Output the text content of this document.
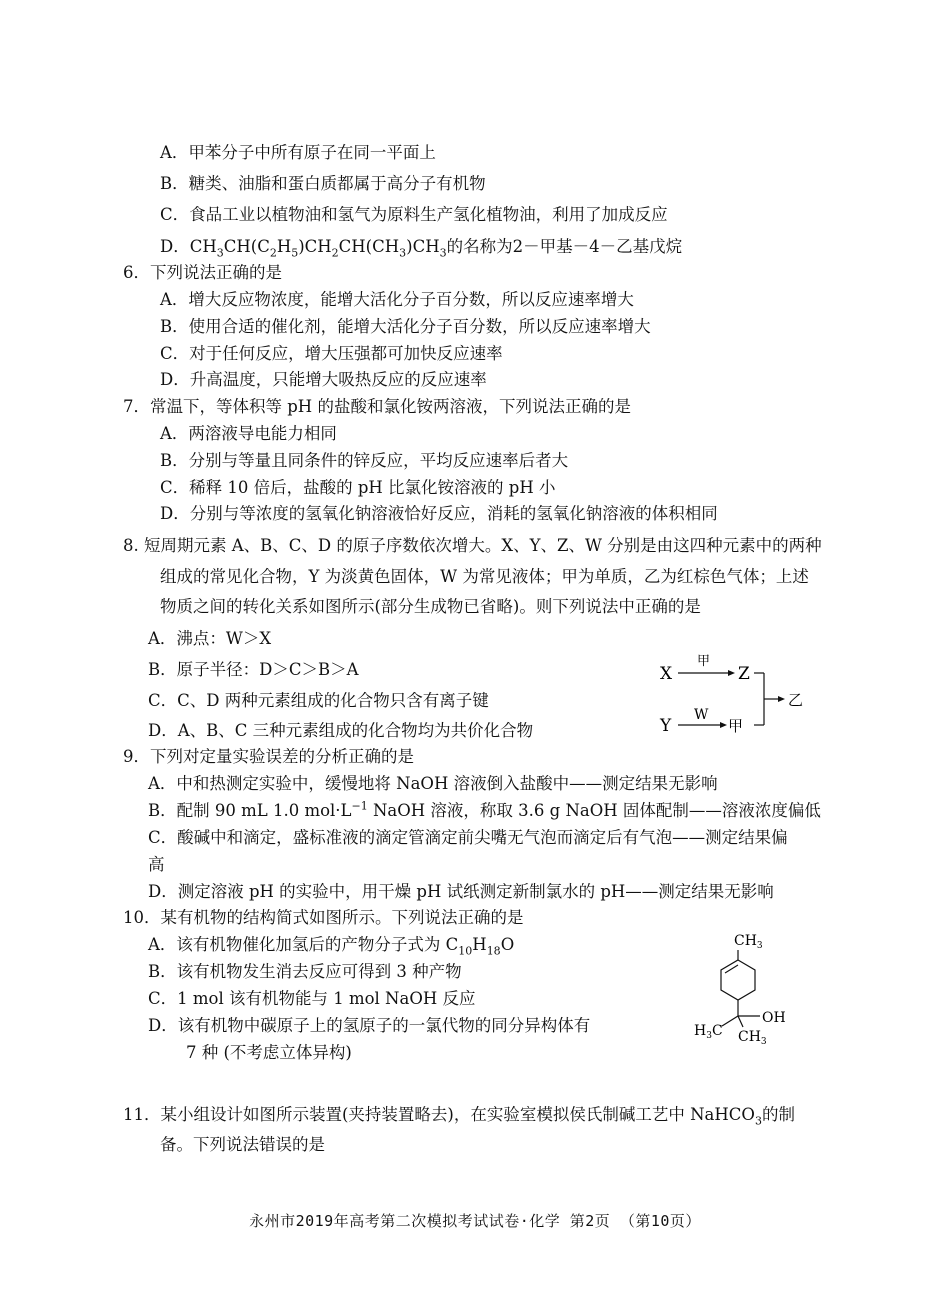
A．甲苯分子中所有原子在同一平面上
B．糖类、油脂和蛋白质都属于高分子有机物
C．食品工业以植物油和氢气为原料生产氢化植物油，利用了加成反应
D．$CH_3CH(C_2H_5)CH_2CH(CH_3)CH_3$的名称为2－甲基－4－乙基戊烷
6．下列说法正确的是
A．增大反应物浓度，能增大活化分子百分数，所以反应速率增大
B．使用合适的催化剂，能增大活化分子百分数，所以反应速率增大
C．对于任何反应，增大压强都可加快反应速率
D．升高温度，只能增大吸热反应的反应速率
7．常温下，等体积等 pH 的盐酸和氯化铵两溶液，下列说法正确的是
A．两溶液导电能力相同
B．分别与等量且同条件的锌反应，平均反应速率后者大
C．稀释 10 倍后，盐酸的 pH 比氯化铵溶液的 pH 小
D．分别与等浓度的氢氧化钠溶液恰好反应，消耗的氢氧化钠溶液的体积相同
8. 短周期元素 A、B、C、D 的原子序数依次增大。X、Y、Z、W 分别是由这四种元素中的两种
组成的常见化合物，Y 为淡黄色固体，W 为常见液体；甲为单质，乙为红棕色气体；上述
物质之间的转化关系如图所示(部分生成物已省略)。则下列说法中正确的是
A．沸点：W＞X
B．原子半径：D＞C＞B＞A
C．C、D 两种元素组成的化合物只含有离子键
D．A、B、C 三种元素组成的化合物均为共价化合物
X
甲
Z
Y
W
甲
乙
9．下列对定量实验误差的分析正确的是
A．中和热测定实验中，缓慢地将 NaOH 溶液倒入盐酸中——测定结果无影响
B．配制 90 mL 1.0 $mol\cdot L^{-1}$ NaOH 溶液，称取 3.6 g NaOH 固体配制——溶液浓度偏低
C．酸碱中和滴定，盛标准液的滴定管滴定前尖嘴无气泡而滴定后有气泡——测定结果偏
高
D．测定溶液 pH 的实验中，用干燥 pH 试纸测定新制氯水的 pH——测定结果无影响
10．某有机物的结构简式如图所示。下列说法正确的是
A．该有机物催化加氢后的产物分子式为 $C_{10}H_{18}O$
B．该有机物发生消去反应可得到 3 种产物
C．1 mol 该有机物能与 1 mol NaOH 反应
D．该有机物中碳原子上的氢原子的一氯代物的同分异构体有
7 种 (不考虑立体异构)
$CH_3$
OH
$H_3C$ $CH_3$
11．某小组设计如图所示装置(夹持装置略去)，在实验室模拟侯氏制碱工艺中 NaHCO$_3$的制
备。下列说法错误的是
永州市2019年高考第二次模拟考试试卷·化学 第2页 （第10页）
